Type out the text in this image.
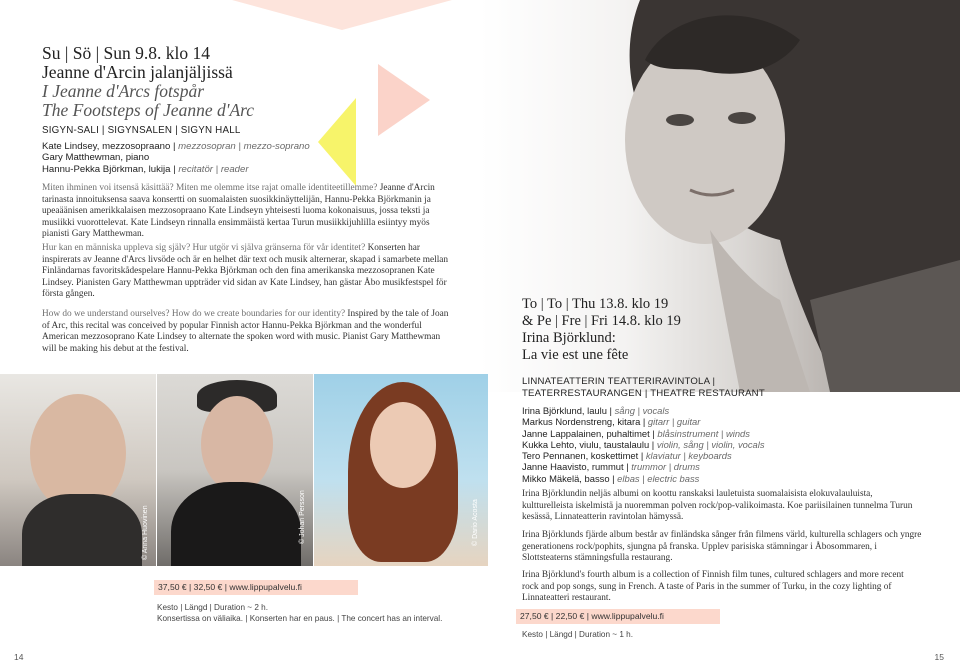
Su | Sö | Sun 9.8. klo 14
Jeanne d'Arcin jalanjäljissä
I Jeanne d'Arcs fotspår
The Footsteps of Jeanne d'Arc
SIGYN-SALI | SIGYNSALEN | SIGYN HALL
Kate Lindsey, mezzosopraano | mezzosopran | mezzo-soprano
Gary Matthewman, piano
Hannu-Pekka Björkman, lukija | recitatör | reader
Miten ihminen voi itsensä käsittää? Miten me olemme itse rajat omalle identiteetillemme? Jeanne d'Arcin tarinasta innoituksensa saava konsertti on suomalaisten suosikkinäyttelijän, Hannu-Pekka Björkmanin ja upeaäänisen amerikkalaisen mezzosopraano Kate Lindseyn yhteisesti luoma kokonaisuus, jossa teksti ja musiikki vuorottelevat. Kate Lindseyn rinnalla ensimmäistä kertaa Turun musiikkijuhlilla esiintyy myös pianisti Gary Matthewman.
Hur kan en människa uppleva sig själv? Hur utgör vi själva gränserna för vår identitet? Konserten har inspirerats av Jeanne d'Arcs livsöde och är en helhet där text och musik alternerar, skapad i samarbete mellan Finländarnas favoritskådespelare Hannu-Pekka Björkman och den fina amerikanska mezzosopranen Kate Lindsey. Pianisten Gary Matthewman uppträder vid sidan av Kate Lindsey, han gästar Åbo musikfestspel för första gången.
How do we understand ourselves? How do we create boundaries for our identity? Inspired by the tale of Joan of Arc, this recital was conceived by popular Finnish actor Hannu-Pekka Björkman and the wonderful American mezzosoprano Kate Lindsey to alternate the spoken word with music. Pianist Gary Matthewman will be making his debut at the festival.
© Anna Huovinen	© Johan Persson	© Dario Acosta
37,50 € | 32,50 € | www.lippupalvelu.fi
Kesto | Längd | Duration ~ 2 h.
Konsertissa on väliaika. | Konserten har en paus. | The concert has an interval.
To | To | Thu 13.8. klo 19
& Pe | Fre | Fri 14.8. klo 19
Irina Björklund:
La vie est une fête
LINNATEATTERIN TEATTERIRAVINTOLA |
TEATERRESTAURANGEN | THEATRE RESTAURANT
Irina Björklund, laulu | sång | vocals
Markus Nordenstreng, kitara | gitarr | guitar
Janne Lappalainen, puhaltimet | blåsinstrument | winds
Kukka Lehto, viulu, taustalaulu | violin, sång | violin, vocals
Tero Pennanen, koskettimet | klaviatur | keyboards
Janne Haavisto, rummut | trummor | drums
Mikko Mäkelä, basso | elbas | electric bass
Irina Björklundin neljäs albumi on koottu ranskaksi lauletuista suomalaisista elokuvalauluista, kultturelleista iskelmistä ja nuoremman polven rock/pop-valikoimasta. Koe pariisilainen tunnelma Turun kesässä, Linnateatterin ravintolan hämyssä.
Irina Björklunds fjärde album består av finländska sånger från filmens värld, kulturella schlagers och yngre generationens rock/pophits, sjungna på franska. Upplev parisiska stämningar i Åbosommaren, i Slottsteaterns stämningsfulla restaurang.
Irina Björklund's fourth album is a collection of Finnish film tunes, cultured schlagers and more recent rock and pop songs, sung in French. A taste of Paris in the summer of Turku, in the cozy lighting of Linnateatteri restaurant.
27,50 € | 22,50 € | www.lippupalvelu.fi
Kesto | Längd | Duration ~ 1 h.
14	15
